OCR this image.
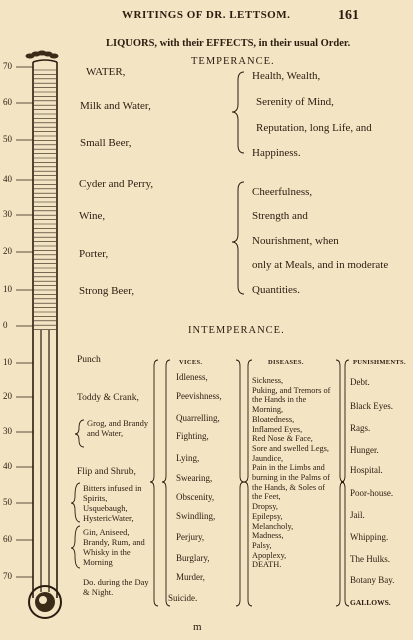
70
60
50
40
30
20
10
0
10
20
30
40
50
60
70
WRITINGS OF DR. LETTSOM.	161
LIQUORS, with their EFFECTS, in their usual Order.
TEMPERANCE.
WATER,
Milk and Water,
Small Beer,
Cyder and Perry,
Wine,
Porter,
Strong Beer,
Health, Wealth,
Serenity of Mind,
Reputation, long Life, and
Happiness.
Cheerfulness,
Strength and
Nourishment, when
only at Meals, and in moderate
Quantities.
INTEMPERANCE.
VICES.	DISEASES.	PUNISHMENTS.
Punch
Toddy & Crank,
Grog, and Brandy and Water,
Flip and Shrub,
Bitters infused in Spirits, Usquebaugh, HystericWater,
Gin, Aniseed, Brandy, Rum, and Whisky in the Morning
Do. during the Day & Night.
Idleness,
Peevishness,
Quarrelling,
Fighting,
Lying,
Swearing,
Obscenity,
Swindling,
Perjury,
Burglary,
Murder,
Suicide.
Sickness,
Puking, and Tremors of the Hands in the Morning,
Bloatedness,
Inflamed Eyes,
Red Nose & Face,
Sore and swelled Legs,
Jaundice,
Pain in the Limbs and burning in the Palms of the Hands, & Soles of the Feet,
Dropsy,
Epilepsy,
Melancholy,
Madness,
Palsy,
Apoplexy,
DEATH.
Debt.
Black Eyes.
Rags.
Hunger.
Hospital.
Poor-house.
Jail.
Whipping.
The Hulks.
Botany Bay.
GALLOWS.
m
